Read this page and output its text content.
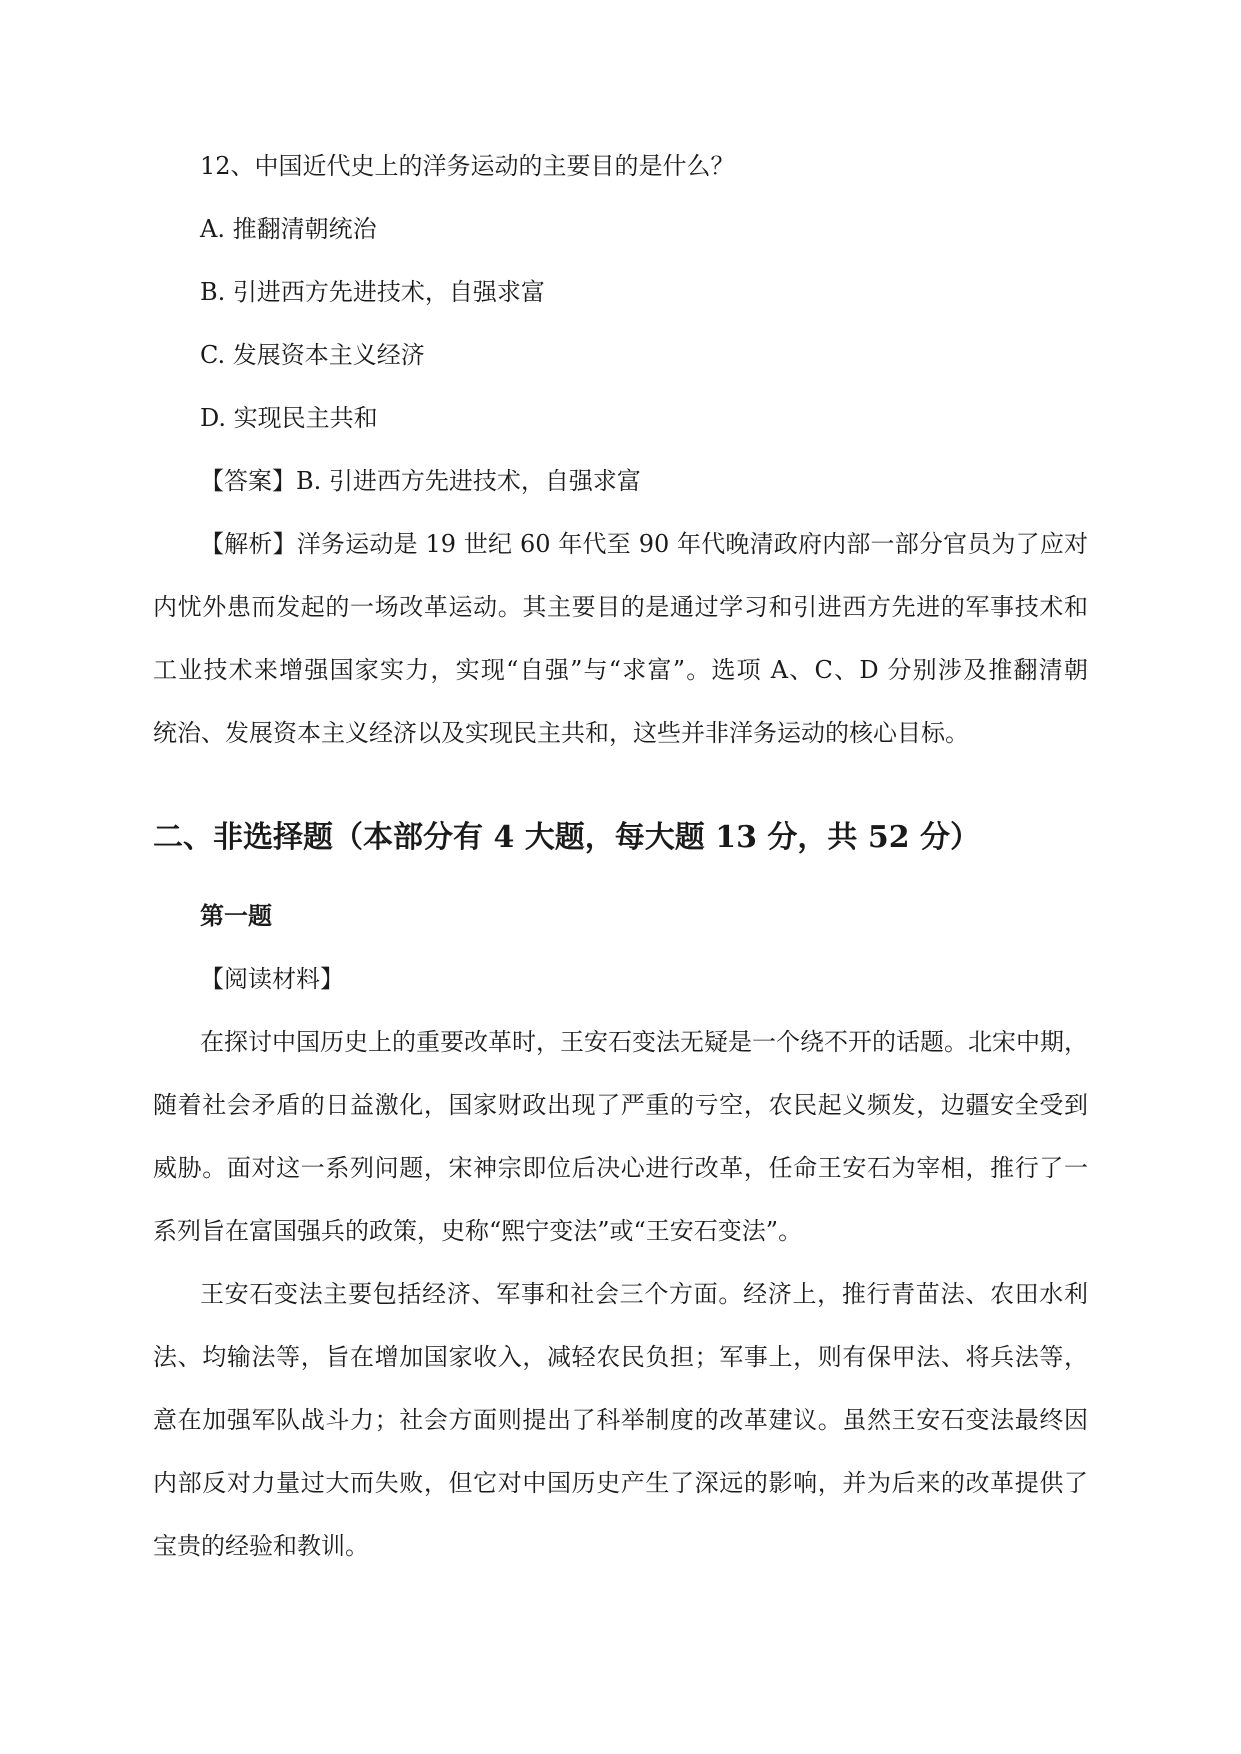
12、中国近代史上的洋务运动的主要目的是什么？

A. 推翻清朝统治

B. 引进西方先进技术，自强求富

C. 发展资本主义经济

D. 实现民主共和

【答案】B. 引进西方先进技术，自强求富

【解析】洋务运动是 19 世纪 60 年代至 90 年代晚清政府内部一部分官员为了应对

内忧外患而发起的一场改革运动。其主要目的是通过学习和引进西方先进的军事技术和

工业技术来增强国家实力，实现“自强”与“求富”。选项 A、C、D 分别涉及推翻清朝

统治、发展资本主义经济以及实现民主共和，这些并非洋务运动的核心目标。

二、非选择题（本部分有 4 大题，每大题 13 分，共 52 分）

第一题

【阅读材料】

在探讨中国历史上的重要改革时，王安石变法无疑是一个绕不开的话题。北宋中期，

随着社会矛盾的日益激化，国家财政出现了严重的亏空，农民起义频发，边疆安全受到

威胁。面对这一系列问题，宋神宗即位后决心进行改革，任命王安石为宰相，推行了一

系列旨在富国强兵的政策，史称“熙宁变法”或“王安石变法”。

王安石变法主要包括经济、军事和社会三个方面。经济上，推行青苗法、农田水利

法、均输法等，旨在增加国家收入，减轻农民负担；军事上，则有保甲法、将兵法等，

意在加强军队战斗力；社会方面则提出了科举制度的改革建议。虽然王安石变法最终因

内部反对力量过大而失败，但它对中国历史产生了深远的影响，并为后来的改革提供了

宝贵的经验和教训。
